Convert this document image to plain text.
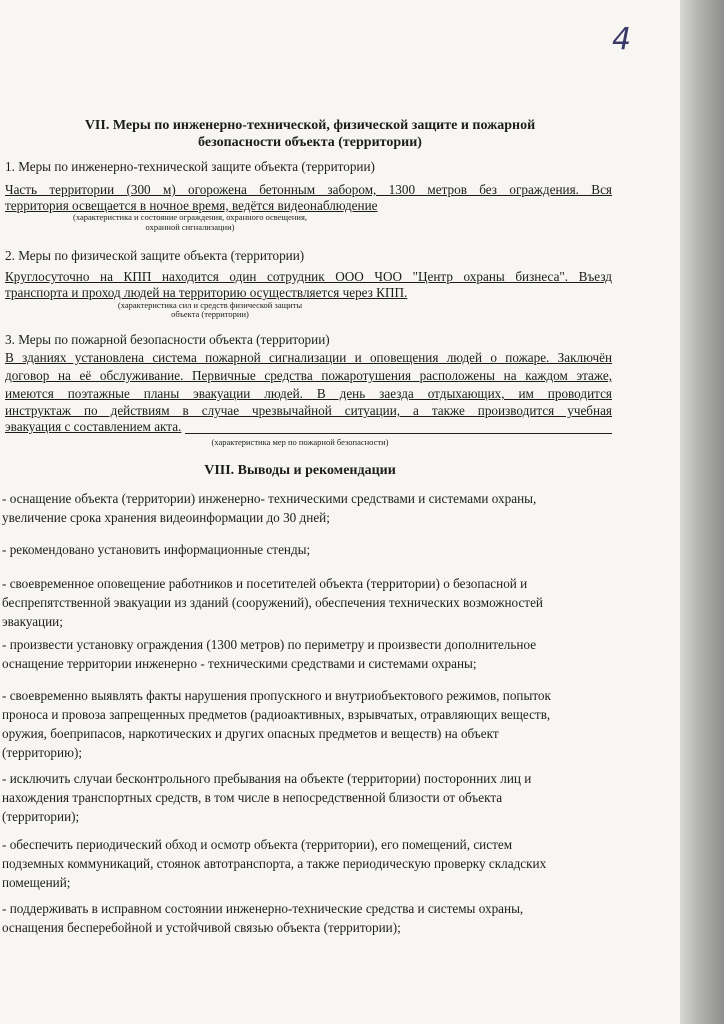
4
VII. Меры по инженерно-технической, физической защите и пожарной
безопасности объекта (территории)
1. Меры по инженерно-технической защите объекта (территории)
Часть территории (300 м) огорожена бетонным забором, 1300 метров без ограждения. Вся
территория освещается в ночное время, ведётся видеонаблюдение
(характеристика и состояние ограждения, охранного освещения,
охранной сигнализации)
2. Меры по физической защите объекта (территории)
Круглосуточно на КПП находится один сотрудник ООО ЧОО "Центр охраны бизнеса". Въезд
транспорта и проход людей на территорию осуществляется через КПП.
(характеристика сил и средств физической защиты
объекта (территории)
3. Меры по пожарной безопасности объекта (территории)
В зданиях установлена система пожарной сигнализации и оповещения людей о пожаре. Заключён
договор на её обслуживание. Первичные средства пожаротушения расположены на каждом этаже,
имеются поэтажные планы эвакуации людей. В день заезда отдыхающих, им проводится
инструктаж по действиям в случае чрезвычайной ситуации, а также производится учебная
эвакуация с составлением акта.
(характеристика мер по пожарной безопасности)
VIII. Выводы и рекомендации
- оснащение объекта (территории) инженерно- техническими средствами и системами охраны,
увеличение срока хранения видеоинформации до 30 дней;
- рекомендовано установить информационные стенды;
- своевременное оповещение работников и посетителей объекта (территории) о безопасной и
беспрепятственной эвакуации из зданий (сооружений), обеспечения технических возможностей
эвакуации;
- произвести установку ограждения (1300 метров) по периметру и произвести дополнительное
оснащение территории инженерно - техническими средствами и системами охраны;
- своевременно выявлять факты нарушения пропускного и внутриобъектового режимов, попыток
проноса и провоза запрещенных предметов (радиоактивных, взрывчатых, отравляющих веществ,
оружия, боеприпасов, наркотических и других опасных предметов и веществ) на объект
(территорию);
- исключить случаи бесконтрольного пребывания на объекте (территории) посторонних лиц и
нахождения транспортных средств, в том числе в непосредственной близости от объекта
(территории);
- обеспечить периодический обход и осмотр объекта (территории), его помещений, систем
подземных коммуникаций, стоянок автотранспорта, а также периодическую проверку складских
помещений;
- поддерживать в исправном состоянии инженерно-технические средства и системы охраны,
оснащения бесперебойной и устойчивой связью объекта (территории);
